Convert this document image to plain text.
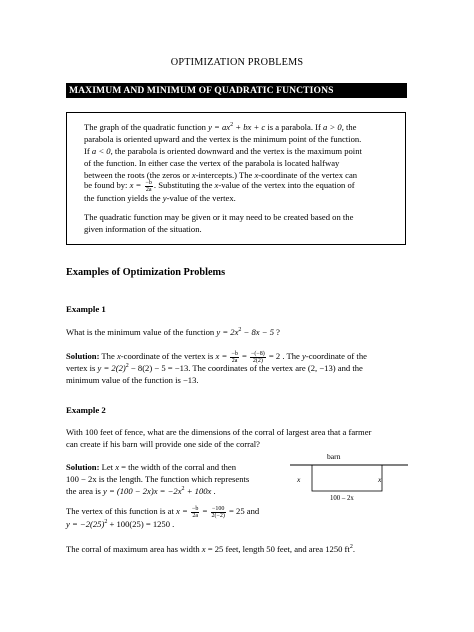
OPTIMIZATION PROBLEMS
MAXIMUM AND MINIMUM OF QUADRATIC FUNCTIONS
The graph of the quadratic function $y = ax^2$ + bx + c is a parabola. If a > 0, the
parabola is oriented upward and the vertex is the minimum point of the function.
If a < 0, the parabola is oriented downward and the vertex is the maximum point
of the function. In either case the vertex of the parabola is located halfway
between the roots (the zeros or x-intercepts.) The x-coordinate of the vertex can
be found by: $x = \frac{-b}{2a}$ . Substituting the x-value of the vertex into the equation of
the function yields the y-value of the vertex.
The quadratic function may be given or it may need to be created based on the
given information of the situation.
Examples of Optimization Problems
Example 1
What is the minimum value of the function $y = 2x^2 - 8x - 5$ ?
Solution: The x-coordinate of the vertex is $x = \frac{-b}{2a} = \frac{-(-8)}{2(2)} = 2$ . The y-coordinate of the
vertex is $y = 2(2)^2 - 8(2) - 5 = -13$. The coordinates of the vertex are (2, −13) and the
minimum value of the function is −13.
Example 2
With 100 feet of fence, what are the dimensions of the corral of largest area that a farmer
can create if his barn will provide one side of the corral?
Solution: Let x = the width of the corral and then
100 − 2x is the length. The function which represents
the area is $y = (100 - 2x)x = -2x^2 + 100x$ .
barn
x	x
100 – 2x
The vertex of this function is at $x = \frac{-b}{2a} = \frac{-100}{2(-2)} = 25$ and
$y = -2(25)^2 + 100(25) = 1250$ .
The corral of maximum area has width x = 25 feet, length 50 feet, and area 1250 $ft^2$.
